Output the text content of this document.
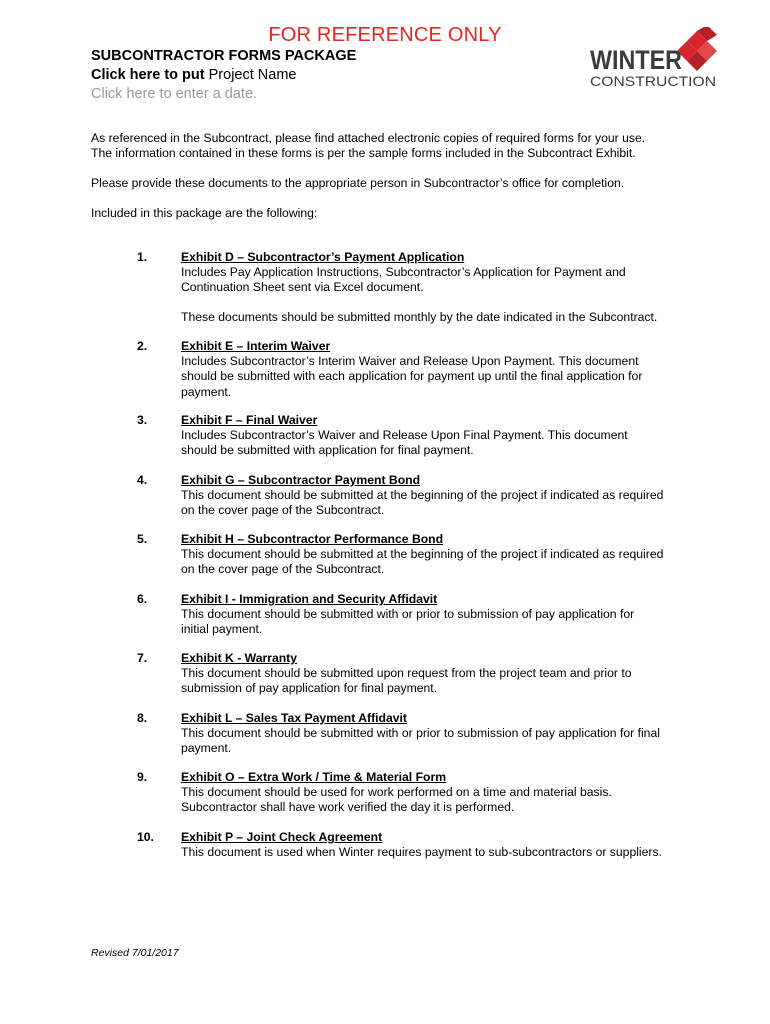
FOR REFERENCE ONLY
SUBCONTRACTOR FORMS PACKAGE
Click here to put Project Name
Click here to enter a date.
WINTER
CONSTRUCTION
As referenced in the Subcontract, please find attached electronic copies of required forms for your use.
The information contained in these forms is per the sample forms included in the Subcontract Exhibit.
Please provide these documents to the appropriate person in Subcontractor’s office for completion.
Included in this package are the following:
1.	Exhibit D – Subcontractor’s Payment Application
Includes Pay Application Instructions, Subcontractor’s Application for Payment and
Continuation Sheet sent via Excel document.
These documents should be submitted monthly by the date indicated in the Subcontract.
2.	Exhibit E – Interim Waiver
Includes Subcontractor’s Interim Waiver and Release Upon Payment. This document
should be submitted with each application for payment up until the final application for
payment.
3.	Exhibit F – Final Waiver
Includes Subcontractor’s Waiver and Release Upon Final Payment. This document
should be submitted with application for final payment.
4.	Exhibit G – Subcontractor Payment Bond
This document should be submitted at the beginning of the project if indicated as required
on the cover page of the Subcontract.
5.	Exhibit H – Subcontractor Performance Bond
This document should be submitted at the beginning of the project if indicated as required
on the cover page of the Subcontract.
6.	Exhibit I - Immigration and Security Affidavit
This document should be submitted with or prior to submission of pay application for
initial payment.
7.	Exhibit K - Warranty
This document should be submitted upon request from the project team and prior to
submission of pay application for final payment.
8.	Exhibit L – Sales Tax Payment Affidavit
This document should be submitted with or prior to submission of pay application for final
payment.
9.	Exhibit O – Extra Work / Time & Material Form
This document should be used for work performed on a time and material basis.
Subcontractor shall have work verified the day it is performed.
10.	Exhibit P – Joint Check Agreement
This document is used when Winter requires payment to sub-subcontractors or suppliers.
Revised 7/01/2017
